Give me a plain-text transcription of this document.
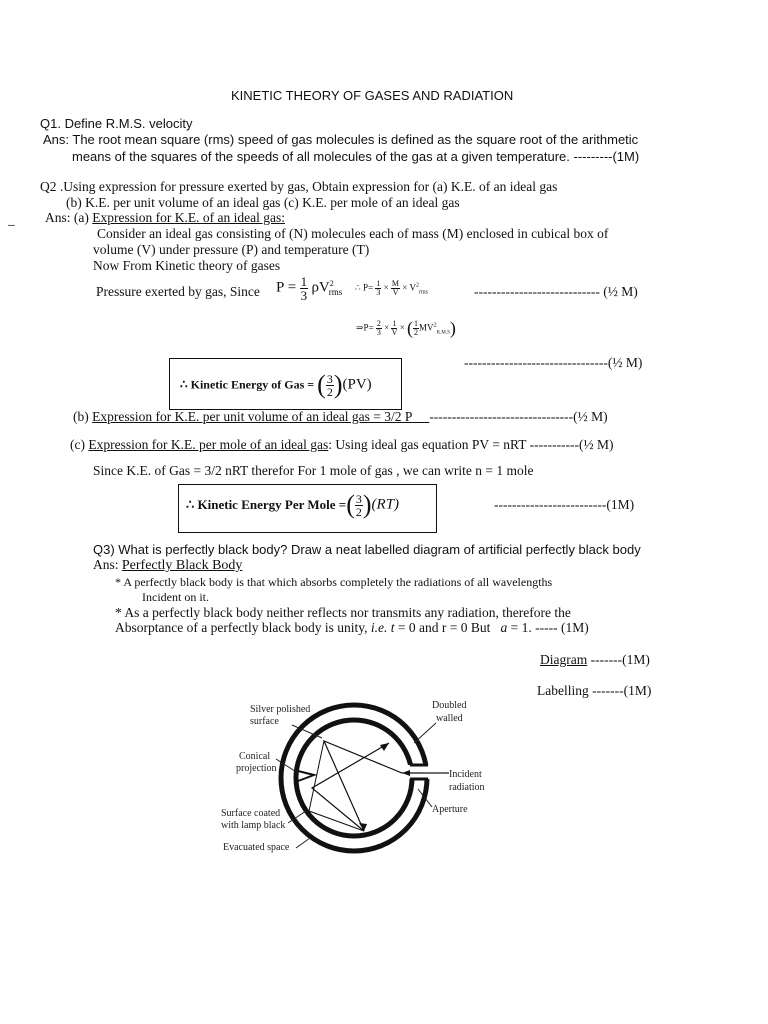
KINETIC THEORY OF GASES AND RADIATION
Q1. Define R.M.S. velocity
Ans: The root mean square (rms) speed of gas molecules is defined as the square root of the arithmetic
means of the squares of the speeds of all molecules of the gas at a given temperature. ---------(1M)
Q2 .Using expression for pressure exerted by gas, Obtain expression for (a) K.E. of an ideal gas
(b) K.E. per unit volume of an ideal gas (c) K.E. per mole of an ideal gas
_ Ans: (a) Expression for K.E. of an ideal gas:
Consider an ideal gas consisting of (N) molecules each of mass (M) enclosed in cubical box of
volume (V) under pressure (P) and temperature (T)
Now From Kinetic theory of gases
Pressure exerted by gas, Since $P = \frac{1}{3} \rho V^2_{rms}$ ∴ $P= \frac{1}{3} \times \frac{M}{V} \times V^2_{rms}$	---------------------------- (½ M)
⇒P= $\frac{2}{3} \times \frac{1}{V}$ × ( $\frac{1}{2} MV^2_{K.M.S}$)
--------------------------------(½ M)
∴ Kinetic Energy of Gas = ( $\frac{3}{2} )(PV)$
(b) Expression for K.E. per unit volume of an ideal gas = 3/2 P --------------------------------(½ M)
(c) Expression for K.E. per mole of an ideal gas: Using ideal gas equation PV = nRT -----------(½ M)
Since K.E. of Gas = 3/2 nRT therefor For 1 mole of gas , we can write n = 1 mole
∴ Kinetic Energy Per Mole =( $\frac{3}{2} )(RT)$	-------------------------(1M)
Q3) What is perfectly black body? Draw a neat labelled diagram of artificial perfectly black body
Ans: Perfectly Black Body
* A perfectly black body is that which absorbs completely the radiations of all wavelengths
Incident on it.
* As a perfectly black body neither reflects nor transmits any radiation, therefore the
Absorptance of a perfectly black body is unity, i.e. t = 0 and r = 0 But a = 1. ----- (1M)
Diagram -------(1M)
Labelling -------(1M)
Silver polished
surface
Doubled
walled
Conical
projection
Incident
radiation
Aperture
Surface coated
with lamp black
Evacuated space
